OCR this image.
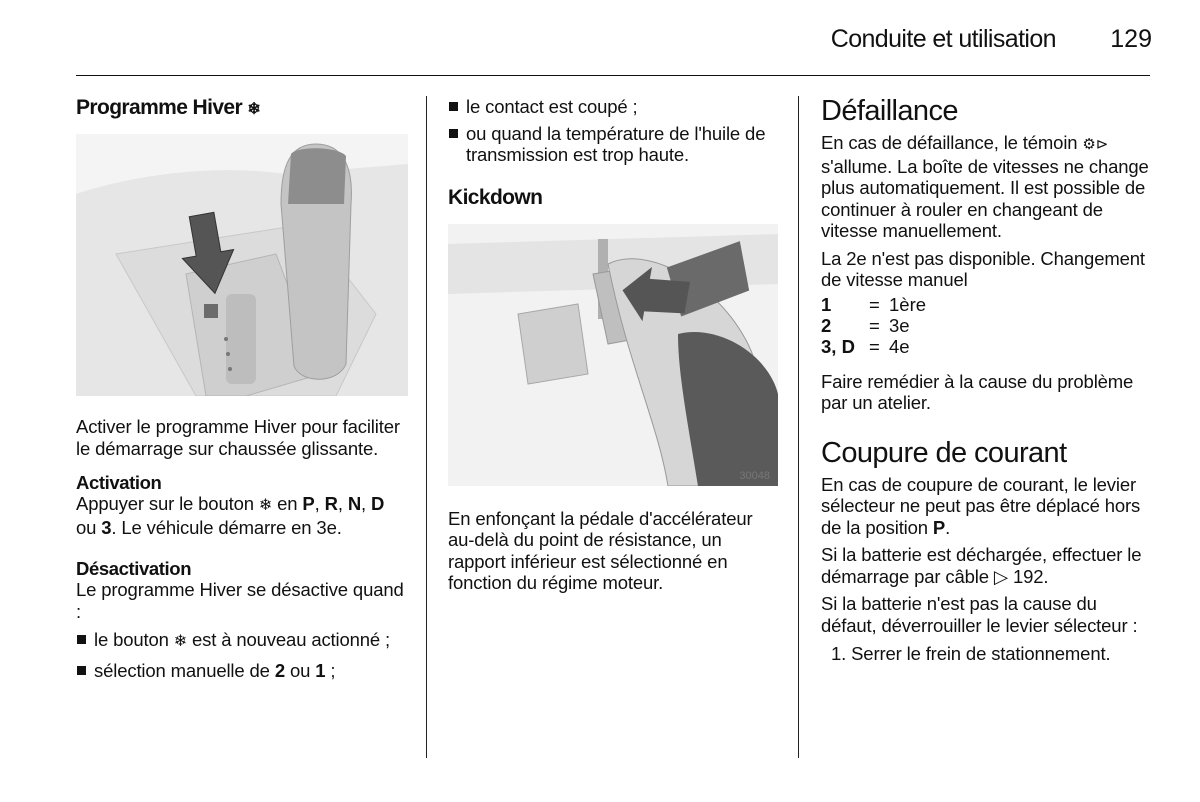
Conduite et utilisation	129
Programme Hiver ❄

Activer le programme Hiver pour faciliter le démarrage sur chaussée glissante.

Activation

Appuyer sur le bouton ❄ en P, R, N, D ou 3. Le véhicule démarre en 3e.

Désactivation

Le programme Hiver se désactive quand :

le bouton ❄ est à nouveau actionné ;

sélection manuelle de 2 ou 1 ;

le contact est coupé ;

ou quand la température de l'huile de transmission est trop haute.

Kickdown
30048

En enfonçant la pédale d'accélérateur au-delà du point de résistance, un rapport inférieur est sélectionné en fonction du régime moteur.

Défaillance

En cas de défaillance, le témoin ⚙⊳ s'allume. La boîte de vitesses ne change plus automatiquement. Il est possible de continuer à rouler en changeant de vitesse manuellement.

La 2e n'est pas disponible. Changement de vitesse manuel

1	=	1ère
2	=	3e
3, D	=	4e

Faire remédier à la cause du problème par un atelier.

Coupure de courant

En cas de coupure de courant, le levier sélecteur ne peut pas être déplacé hors de la position P.

Si la batterie est déchargée, effectuer le démarrage par câble ▷ 192.

Si la batterie n'est pas la cause du défaut, déverrouiller le levier sélecteur :

1. Serrer le frein de stationnement.
